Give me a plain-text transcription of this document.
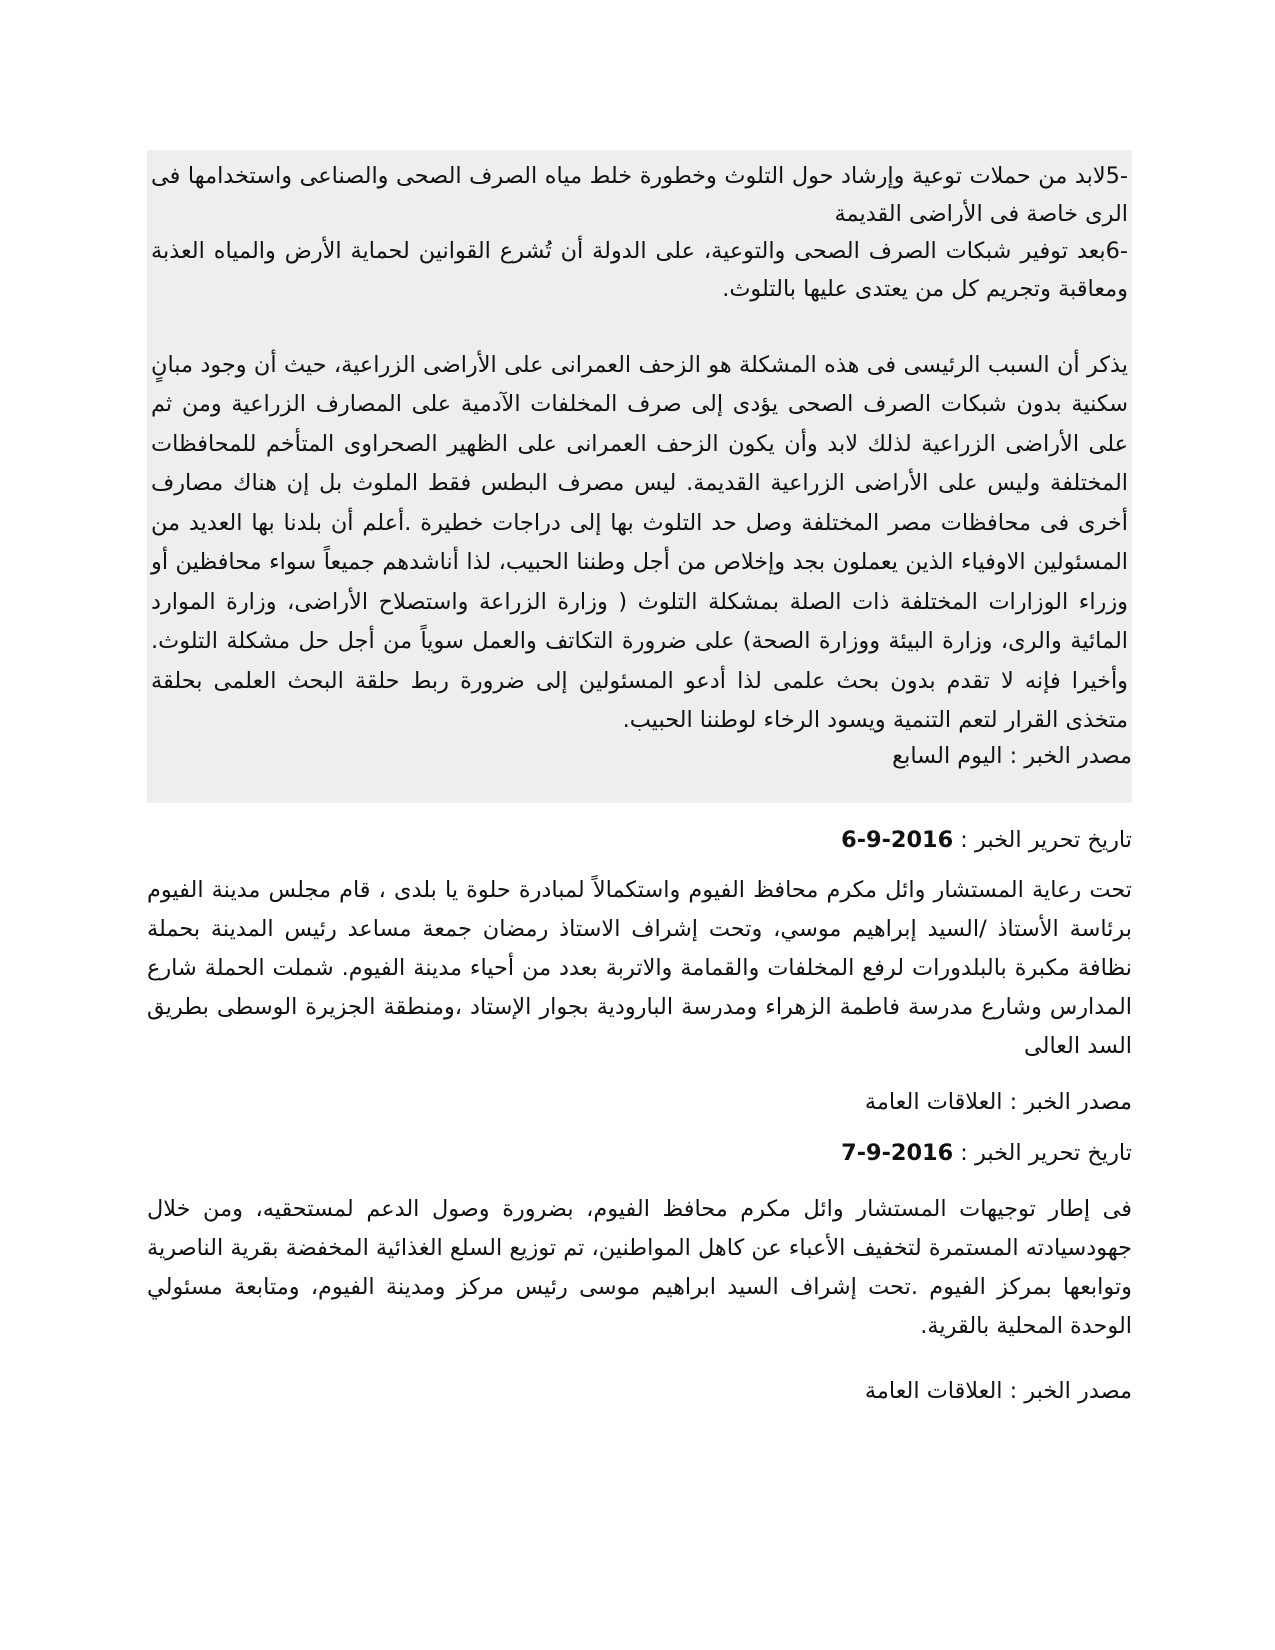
-5لابد من حملات توعية وإرشاد حول التلوث وخطورة خلط مياه الصرف الصحى والصناعى واستخدامها فى الرى خاصة فى الأراضى القديمة

-6بعد توفير شبكات الصرف الصحى والتوعية، على الدولة أن تُشرع القوانين لحماية الأرض والمياه العذبة ومعاقبة وتجريم كل من يعتدى عليها بالتلوث.

يذكر أن السبب الرئيسى فى هذه المشكلة هو الزحف العمرانى على الأراضى الزراعية، حيث أن وجود مبانٍ سكنية بدون شبكات الصرف الصحى يؤدى إلى صرف المخلفات الآدمية على المصارف الزراعية ومن ثم على الأراضى الزراعية لذلك لابد وأن يكون الزحف العمرانى على الظهير الصحراوى المتأخم للمحافظات المختلفة وليس على الأراضى الزراعية القديمة. ليس مصرف البطس فقط الملوث بل إن هناك مصارف أخرى فى محافظات مصر المختلفة وصل حد التلوث بها إلى دراجات خطيرة .أعلم أن بلدنا بها العديد من المسئولين الاوفياء الذين يعملون بجد وإخلاص من أجل وطننا الحبيب، لذا أناشدهم جميعاً سواء محافظين أو وزراء الوزارات المختلفة ذات الصلة بمشكلة التلوث ( وزارة الزراعة واستصلاح الأراضى، وزارة الموارد المائية والرى، وزارة البيئة ووزارة الصحة) على ضرورة التكاتف والعمل سوياً من أجل حل مشكلة التلوث. وأخيرا فإنه لا تقدم بدون بحث علمى لذا أدعو المسئولين إلى ضرورة ربط حلقة البحث العلمى بحلقة متخذى القرار لتعم التنمية ويسود الرخاء لوطننا الحبيب.

مصدر الخبر : اليوم السابع

تاريخ تحرير الخبر : 6-9-2016

تحت رعاية المستشار وائل مكرم محافظ الفيوم واستكمالاً لمبادرة حلوة يا بلدى ، قام مجلس مدينة الفيوم برئاسة الأستاذ /السيد إبراهيم موسي، وتحت إشراف الاستاذ رمضان جمعة مساعد رئيس المدينة بحملة نظافة مكبرة بالبلدورات لرفع المخلفات والقمامة والاتربة بعدد من أحياء مدينة الفيوم. شملت الحملة شارع المدارس وشارع مدرسة فاطمة الزهراء ومدرسة البارودية بجوار الإستاد ،ومنطقة الجزيرة الوسطى بطريق السد العالى

مصدر الخبر : العلاقات العامة

تاريخ تحرير الخبر : 7-9-2016

فى إطار توجيهات المستشار وائل مكرم محافظ الفيوم، بضرورة وصول الدعم لمستحقيه، ومن خلال جهودسيادته المستمرة لتخفيف الأعباء عن كاهل المواطنين، تم توزيع السلع الغذائية المخفضة بقرية الناصرية وتوابعها بمركز الفيوم .تحت إشراف السيد ابراهيم موسى رئيس مركز ومدينة الفيوم، ومتابعة مسئولي الوحدة المحلية بالقرية.

مصدر الخبر : العلاقات العامة
